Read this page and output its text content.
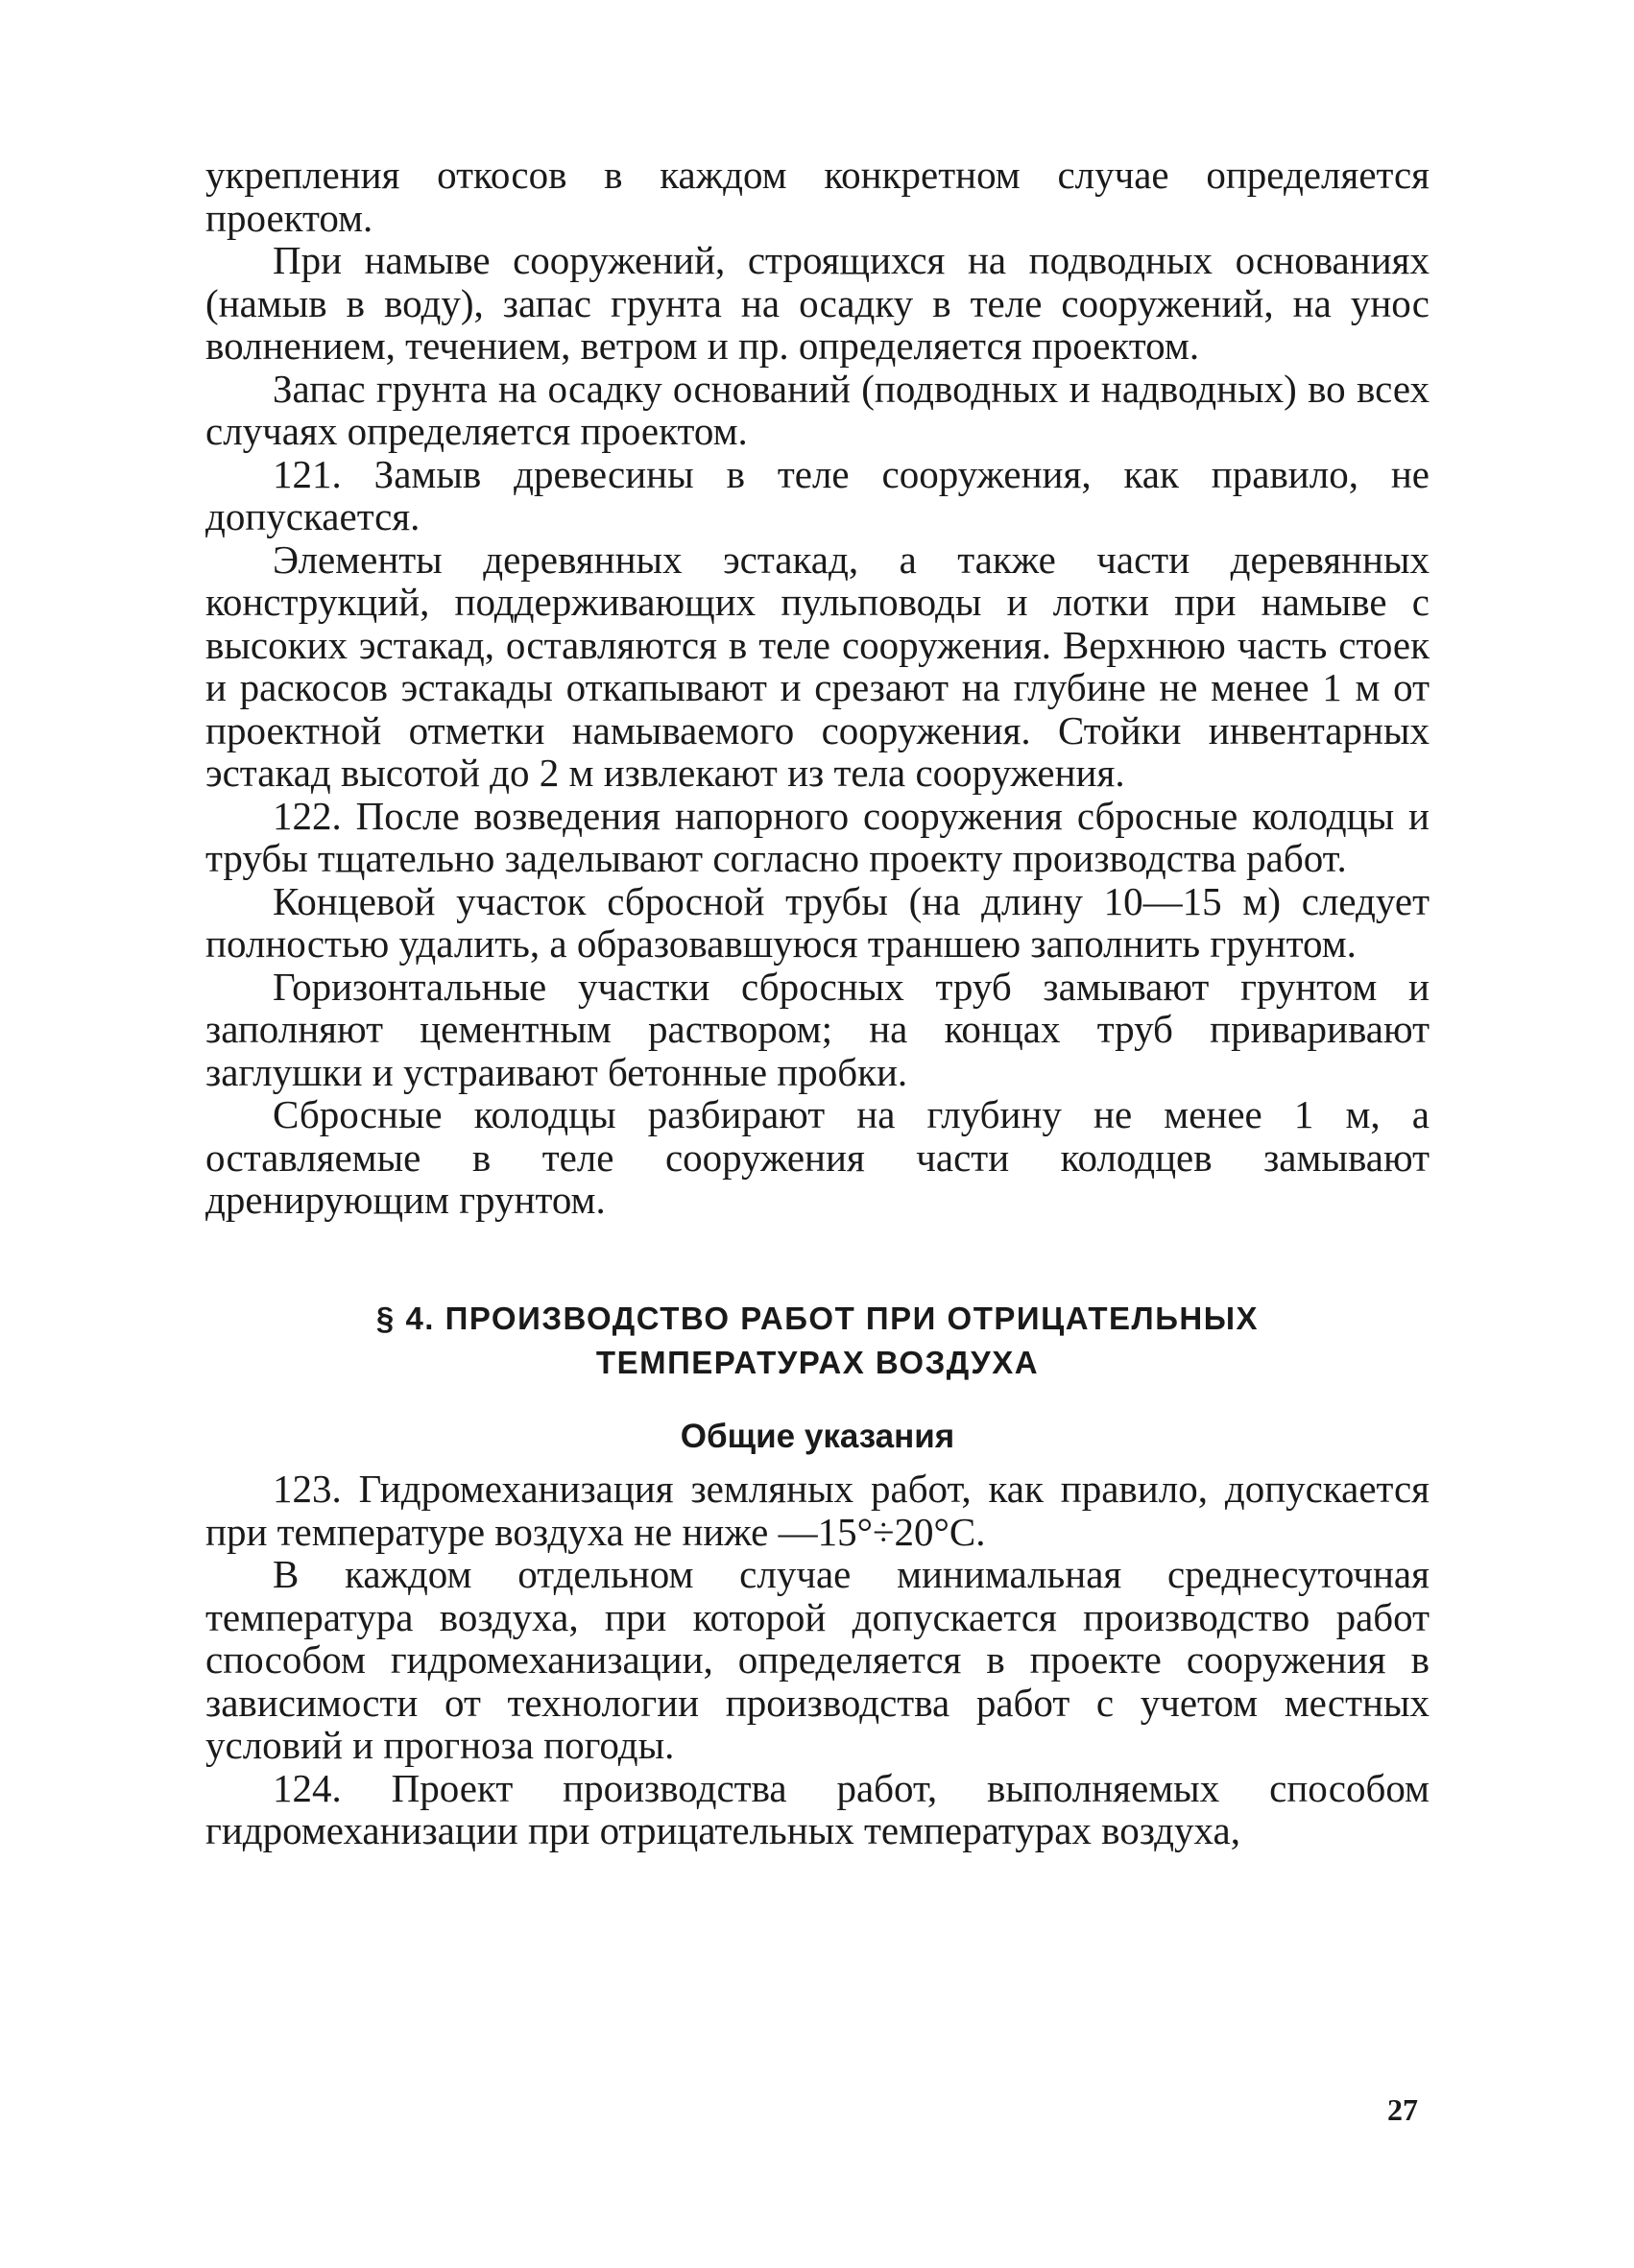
укрепления откосов в каждом конкретном случае определяется проектом.

При намыве сооружений, строящихся на подводных основаниях (намыв в воду), запас грунта на осадку в теле сооружений, на унос волнением, течением, ветром и пр. определяется проектом.

Запас грунта на осадку оснований (подводных и надводных) во всех случаях определяется проектом.

121. Замыв древесины в теле сооружения, как правило, не допускается.

Элементы деревянных эстакад, а также части деревянных конструкций, поддерживающих пульповоды и лотки при намыве с высоких эстакад, оставляются в теле сооружения. Верхнюю часть стоек и раскосов эстакады откапывают и срезают на глубине не менее 1 м от проектной отметки намываемого сооружения. Стойки инвентарных эстакад высотой до 2 м извлекают из тела сооружения.

122. После возведения напорного сооружения сбросные колодцы и трубы тщательно заделывают согласно проекту производства работ.

Концевой участок сбросной трубы (на длину 10—15 м) следует полностью удалить, а образовавшуюся траншею заполнить грунтом.

Горизонтальные участки сбросных труб замывают грунтом и заполняют цементным раствором; на концах труб приваривают заглушки и устраивают бетонные пробки.

Сбросные колодцы разбирают на глубину не менее 1 м, а оставляемые в теле сооружения части колодцев замывают дренирующим грунтом.

§ 4. ПРОИЗВОДСТВО РАБОТ ПРИ ОТРИЦАТЕЛЬНЫХ

ТЕМПЕРАТУРАХ ВОЗДУХА

Общие указания

123. Гидромеханизация земляных работ, как правило, допускается при температуре воздуха не ниже —15°÷20°С.

В каждом отдельном случае минимальная среднесуточная температура воздуха, при которой допускается производство работ способом гидромеханизации, определяется в проекте сооружения в зависимости от технологии производства работ с учетом местных условий и прогноза погоды.

124. Проект производства работ, выполняемых способом гидромеханизации при отрицательных температурах воздуха,

27
